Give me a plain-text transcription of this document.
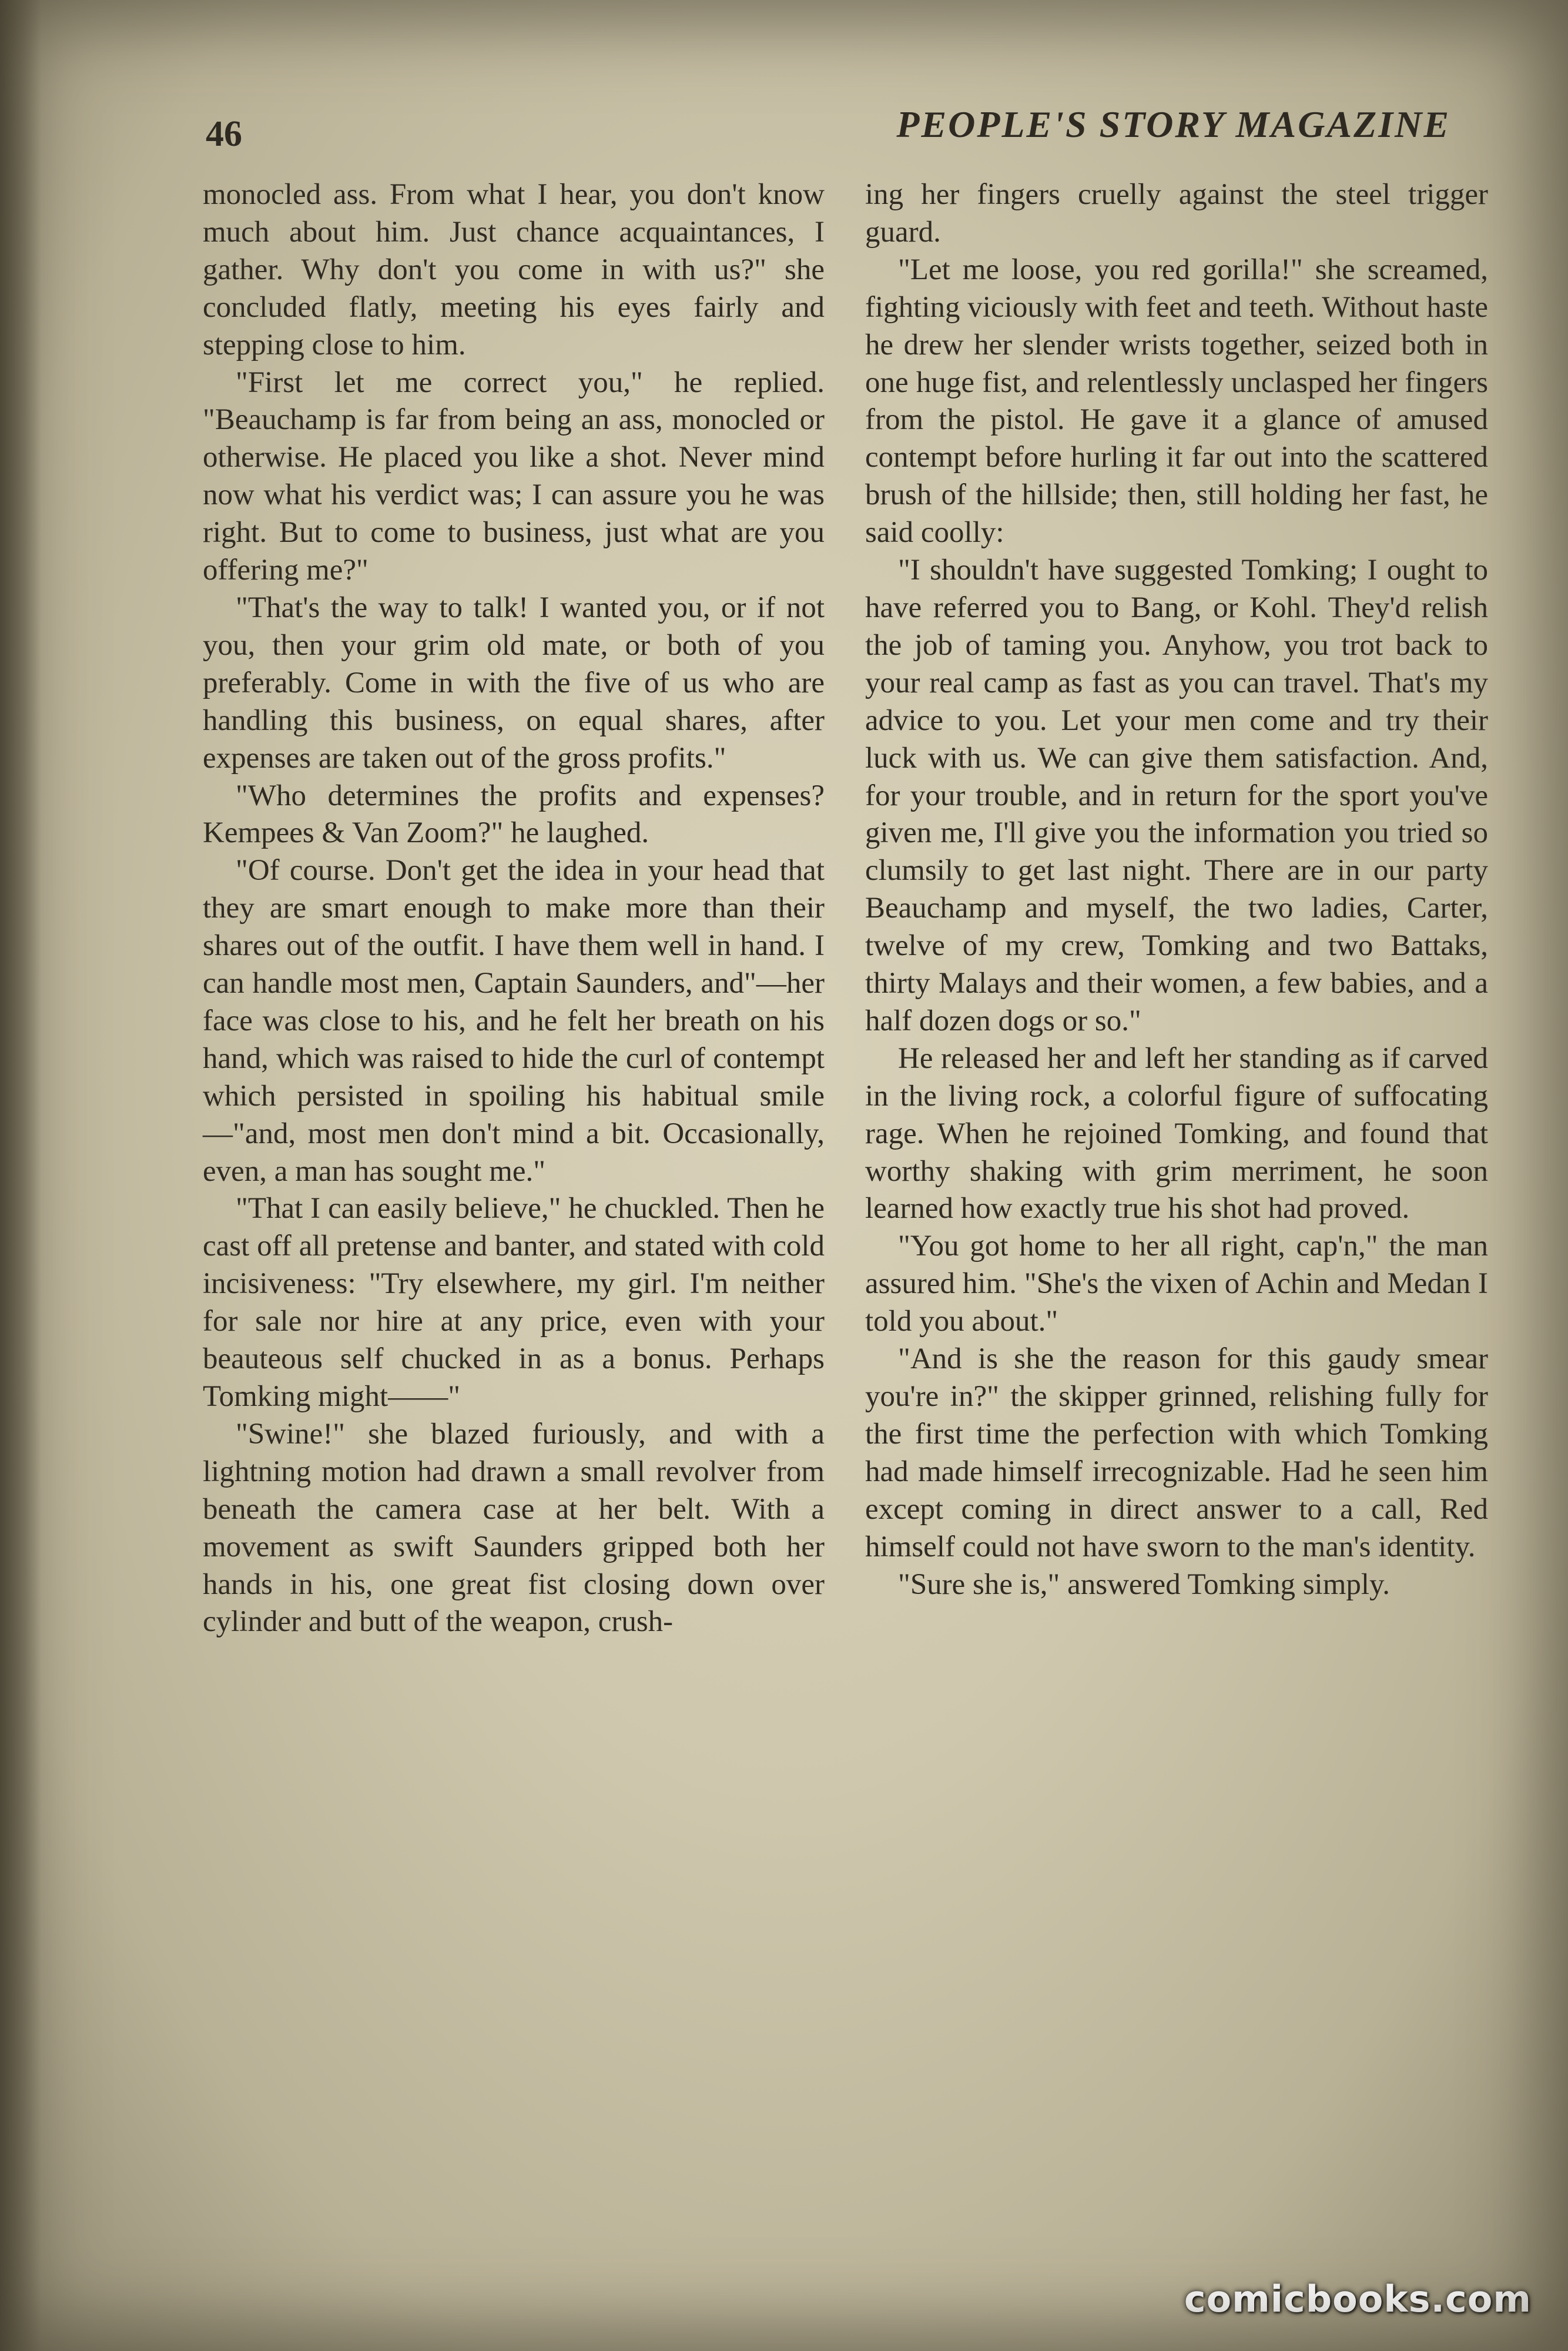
46	PEOPLE'S STORY MAGAZINE

monocled ass. From what I hear, you don't know much about him. Just chance acquaintances, I gather. Why don't you come in with us?" she concluded flatly, meeting his eyes fairly and stepping close to him.

"First let me correct you," he replied. "Beauchamp is far from being an ass, monocled or otherwise. He placed you like a shot. Never mind now what his verdict was; I can assure you he was right. But to come to business, just what are you offering me?"

"That's the way to talk! I wanted you, or if not you, then your grim old mate, or both of you preferably. Come in with the five of us who are handling this business, on equal shares, after expenses are taken out of the gross profits."

"Who determines the profits and expenses? Kempees & Van Zoom?" he laughed.

"Of course. Don't get the idea in your head that they are smart enough to make more than their shares out of the outfit. I have them well in hand. I can handle most men, Captain Saunders, and"—her face was close to his, and he felt her breath on his hand, which was raised to hide the curl of contempt which persisted in spoiling his habitual smile—"and, most men don't mind a bit. Occasionally, even, a man has sought me."

"That I can easily believe," he chuckled. Then he cast off all pretense and banter, and stated with cold incisiveness: "Try elsewhere, my girl. I'm neither for sale nor hire at any price, even with your beauteous self chucked in as a bonus. Perhaps Tomking might——"

"Swine!" she blazed furiously, and with a lightning motion had drawn a small revolver from beneath the camera case at her belt. With a movement as swift Saunders gripped both her hands in his, one great fist closing down over cylinder and butt of the weapon, crush-

ing her fingers cruelly against the steel trigger guard.

"Let me loose, you red gorilla!" she screamed, fighting viciously with feet and teeth. Without haste he drew her slender wrists together, seized both in one huge fist, and relentlessly unclasped her fingers from the pistol. He gave it a glance of amused contempt before hurling it far out into the scattered brush of the hillside; then, still holding her fast, he said coolly:

"I shouldn't have suggested Tomking; I ought to have referred you to Bang, or Kohl. They'd relish the job of taming you. Anyhow, you trot back to your real camp as fast as you can travel. That's my advice to you. Let your men come and try their luck with us. We can give them satisfaction. And, for your trouble, and in return for the sport you've given me, I'll give you the information you tried so clumsily to get last night. There are in our party Beauchamp and myself, the two ladies, Carter, twelve of my crew, Tomking and two Battaks, thirty Malays and their women, a few babies, and a half dozen dogs or so."

He released her and left her standing as if carved in the living rock, a colorful figure of suffocating rage. When he rejoined Tomking, and found that worthy shaking with grim merriment, he soon learned how exactly true his shot had proved.

"You got home to her all right, cap'n," the man assured him. "She's the vixen of Achin and Medan I told you about."

"And is she the reason for this gaudy smear you're in?" the skipper grinned, relishing fully for the first time the perfection with which Tomking had made himself irrecognizable. Had he seen him except coming in direct answer to a call, Red himself could not have sworn to the man's identity.

"Sure she is," answered Tomking simply.

comicbooks.com
